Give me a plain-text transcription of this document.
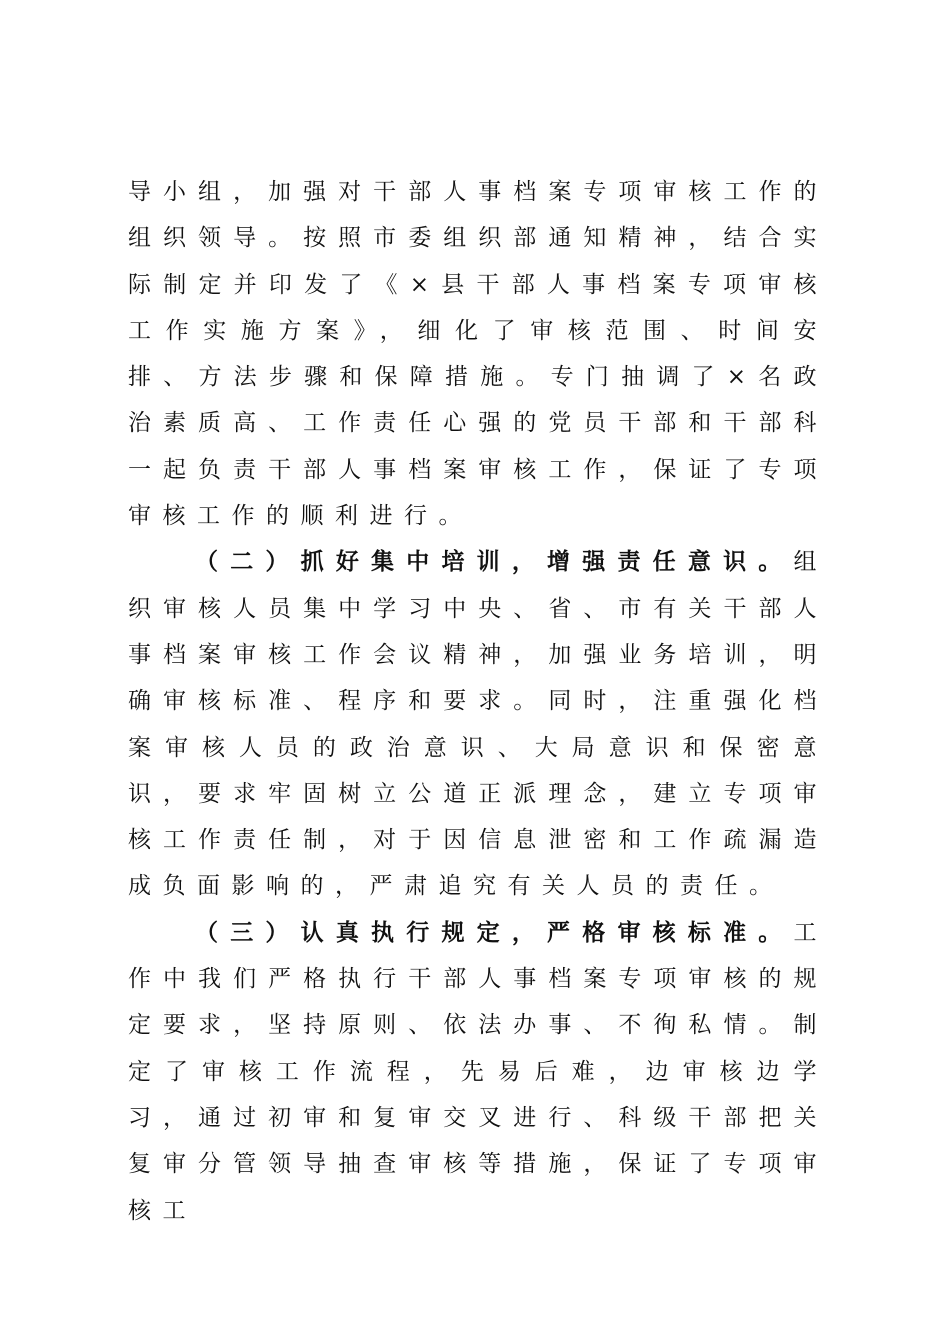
导小组，加强对干部人事档案专项审核工作的组织领导。按照市委组织部通知精神，结合实际制定并印发了《×县干部人事档案专项审核工作实施方案》，细化了审核范围、时间安排、方法步骤和保障措施。专门抽调了×名政治素质高、工作责任心强的党员干部和干部科一起负责干部人事档案审核工作，保证了专项审核工作的顺利进行。

（二）抓好集中培训，增强责任意识。组织审核人员集中学习中央、省、市有关干部人事档案审核工作会议精神，加强业务培训，明确审核标准、程序和要求。同时，注重强化档案审核人员的政治意识、大局意识和保密意识，要求牢固树立公道正派理念，建立专项审核工作责任制，对于因信息泄密和工作疏漏造成负面影响的，严肃追究有关人员的责任。

（三）认真执行规定，严格审核标准。工作中我们严格执行干部人事档案专项审核的规定要求，坚持原则、依法办事、不徇私情。制定了审核工作流程，先易后难，边审核边学习，通过初审和复审交叉进行、科级干部把关复审分管领导抽查审核等措施，保证了专项审核工
